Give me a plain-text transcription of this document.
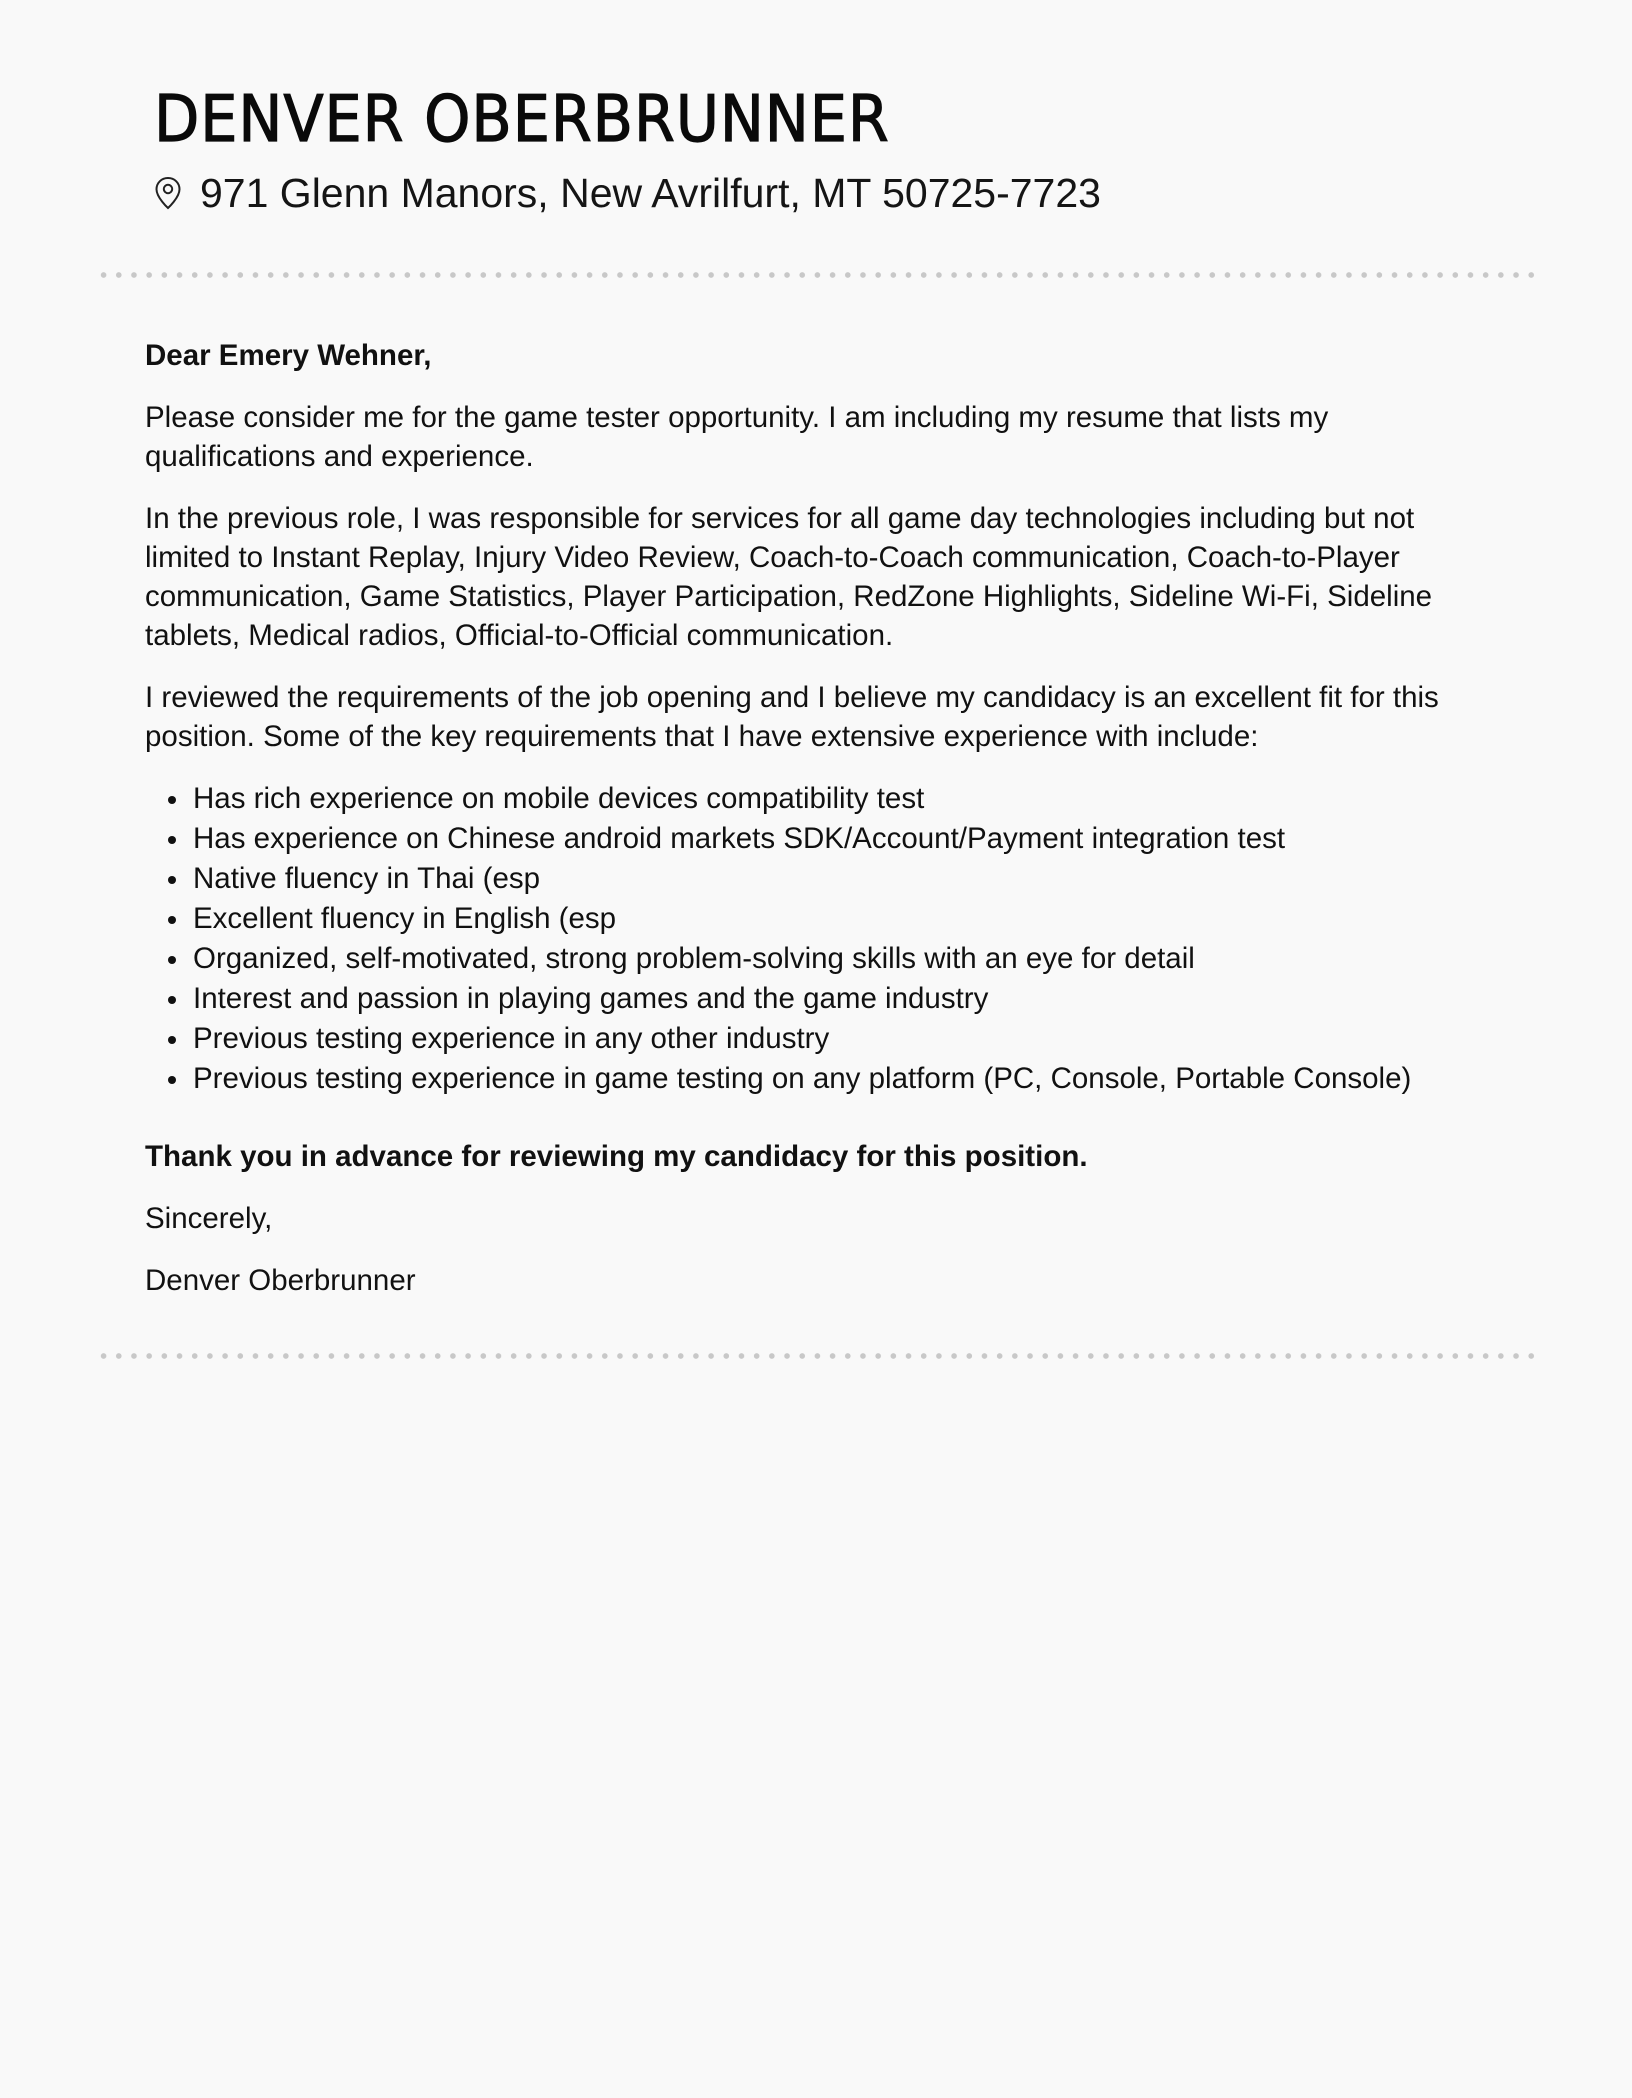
DENVER OBERBRUNNER
971 Glenn Manors, New Avrilfurt, MT 50725-7723

Dear Emery Wehner,

Please consider me for the game tester opportunity. I am including my resume that lists my qualifications and experience.

In the previous role, I was responsible for services for all game day technologies including but not limited to Instant Replay, Injury Video Review, Coach-to-Coach communication, Coach-to-Player communication, Game Statistics, Player Participation, RedZone Highlights, Sideline Wi-Fi, Sideline tablets, Medical radios, Official-to-Official communication.

I reviewed the requirements of the job opening and I believe my candidacy is an excellent fit for this position. Some of the key requirements that I have extensive experience with include:

Has rich experience on mobile devices compatibility test
Has experience on Chinese android markets SDK/Account/Payment integration test
Native fluency in Thai (esp
Excellent fluency in English (esp
Organized, self-motivated, strong problem-solving skills with an eye for detail
Interest and passion in playing games and the game industry
Previous testing experience in any other industry
Previous testing experience in game testing on any platform (PC, Console, Portable Console)

Thank you in advance for reviewing my candidacy for this position.

Sincerely,

Denver Oberbrunner
